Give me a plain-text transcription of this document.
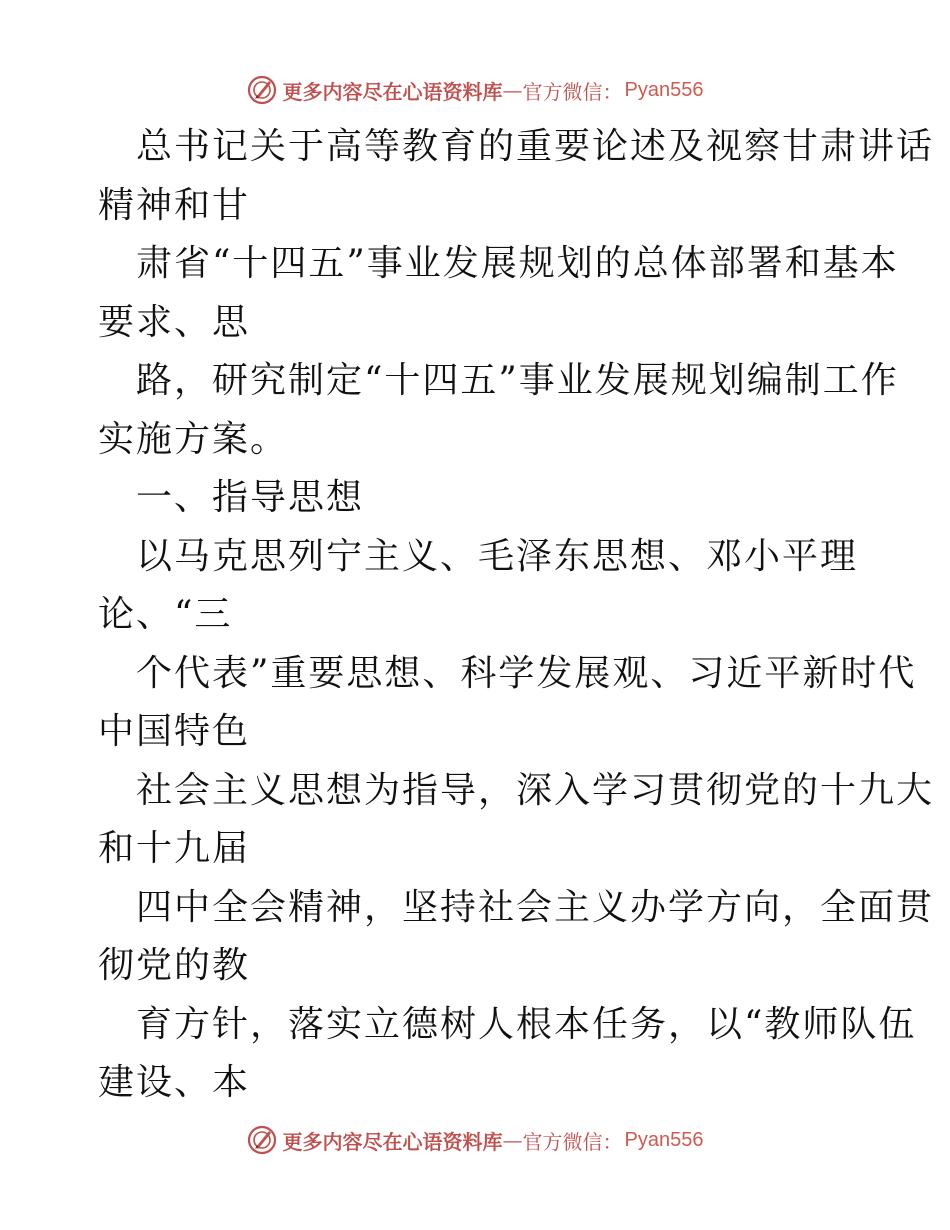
更多内容尽在心语资料库 — 官方微信： Pyan556
总书记关于高等教育的重要论述及视察甘肃讲话
精神和甘
肃省“十四五”事业发展规划的总体部署和基本
要求、思
路，研究制定“十四五”事业发展规划编制工作
实施方案。
一、指导思想
以马克思列宁主义、毛泽东思想、邓小平理
论、“三
个代表”重要思想、科学发展观、习近平新时代
中国特色
社会主义思想为指导，深入学习贯彻党的十九大
和十九届
四中全会精神，坚持社会主义办学方向，全面贯
彻党的教
育方针，落实立德树人根本任务，以“教师队伍
建设、本
更多内容尽在心语资料库 — 官方微信： Pyan556
